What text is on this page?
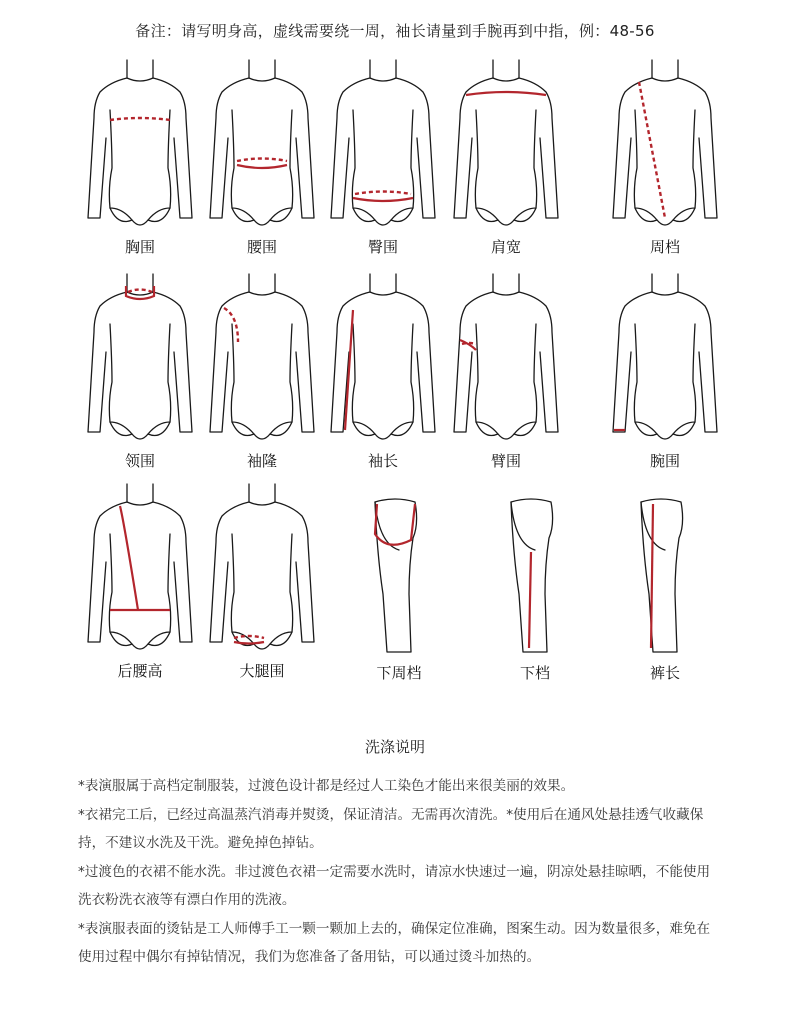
备注：请写明身高，虚线需要绕一周，袖长请量到手腕再到中指，例：48-56
胸围	腰围	臀围	肩宽	周档
领围	袖隆	袖长	臂围	腕围
后腰高	大腿围	下周档	下档	裤长
洗涤说明

*表演服属于高档定制服装，过渡色设计都是经过人工染色才能出来很美丽的效果。

*衣裙完工后，已经过高温蒸汽消毒并熨烫，保证清洁。无需再次清洗。*使用后在通风处悬挂透气收藏保持，不建议水洗及干洗。避免掉色掉钻。

*过渡色的衣裙不能水洗。非过渡色衣裙一定需要水洗时，请凉水快速过一遍，阴凉处悬挂晾晒，不能使用洗衣粉洗衣液等有漂白作用的洗液。

*表演服表面的烫钻是工人师傅手工一颗一颗加上去的，确保定位准确，图案生动。因为数量很多，难免在使用过程中偶尔有掉钻情况，我们为您准备了备用钻，可以通过烫斗加热的。
